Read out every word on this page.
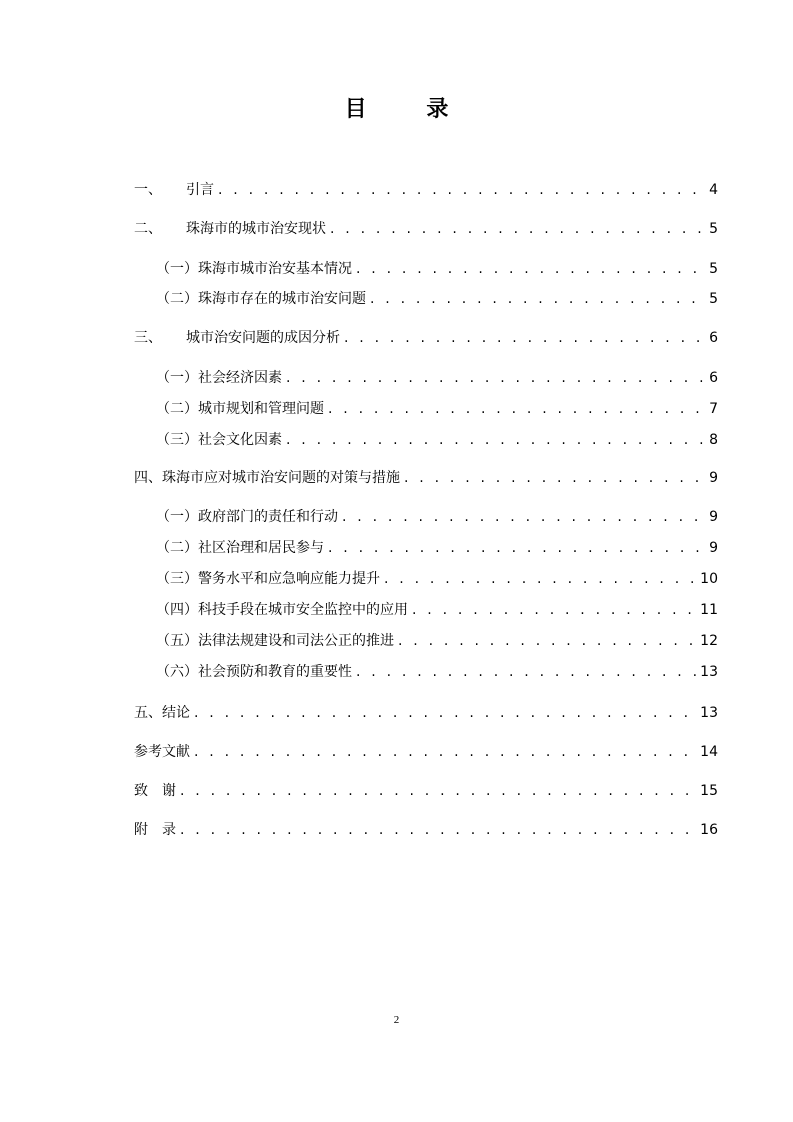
目 录
一、	引言 . . .	4
二、	珠海市的城市治安现状 . . .	5
（一）珠海市城市治安基本情况 . . .	5
（二）珠海市存在的城市治安问题 . . .	5
三、	城市治安问题的成因分析 . . .	6
（一）社会经济因素 . . .	6
（二）城市规划和管理问题 . . .	7
（三）社会文化因素 . . .	8
四、珠海市应对城市治安问题的对策与措施 . . .	9
（一）政府部门的责任和行动 . . .	9
（二）社区治理和居民参与 . . .	9
（三）警务水平和应急响应能力提升 . . .	10
（四）科技手段在城市安全监控中的应用 . . .	11
（五）法律法规建设和司法公正的推进 . . .	12
（六）社会预防和教育的重要性 . . .	13
五、结论 . . .	13
参考文献 . . .	14
致　谢 . . .	15
附　录 . . .	16
2
